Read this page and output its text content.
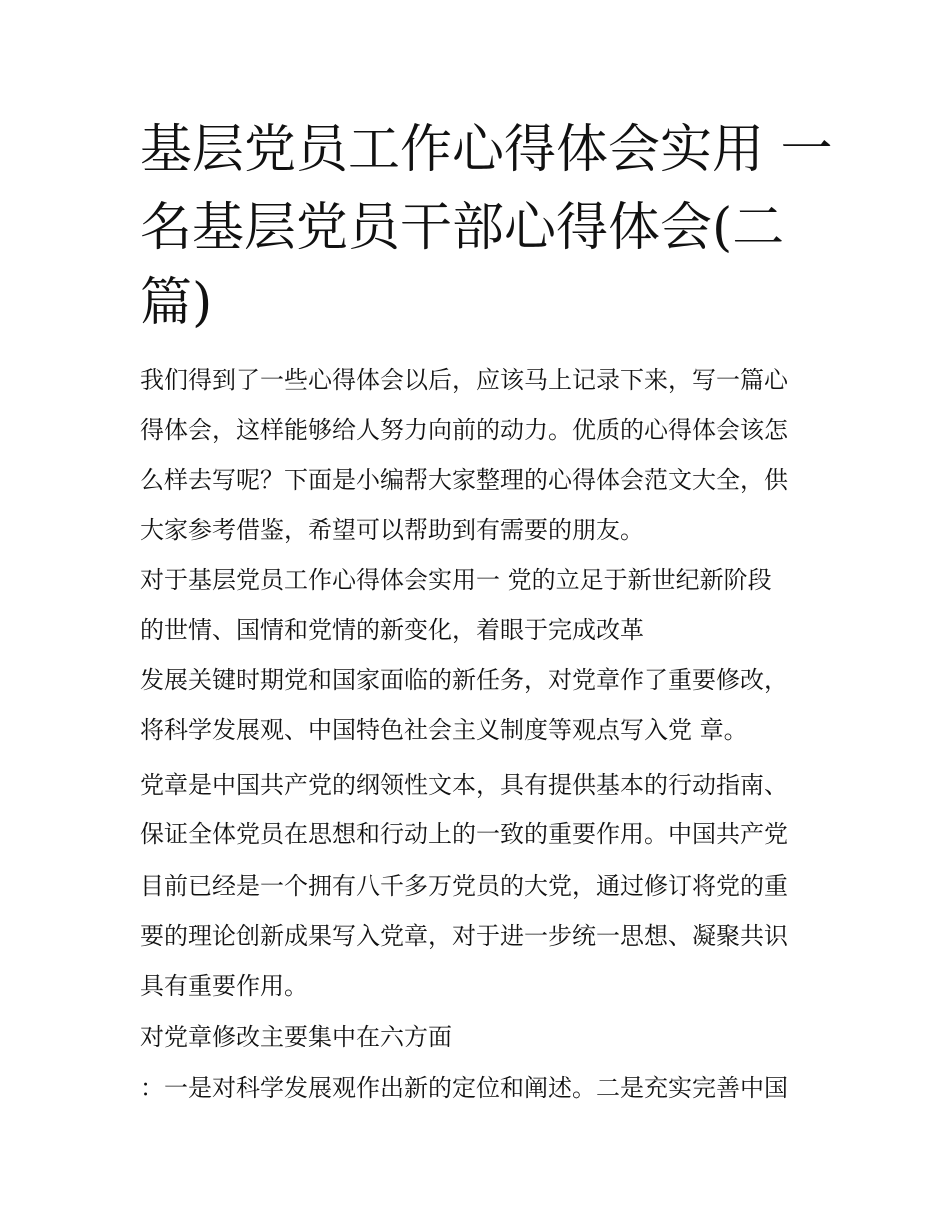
基层党员工作心得体会实用 一
名基层党员干部心得体会(二
篇)
我们得到了一些心得体会以后，应该马上记录下来，写一篇心
得体会，这样能够给人努力向前的动力。优质的心得体会该怎
么样去写呢？下面是小编帮大家整理的心得体会范文大全，供
大家参考借鉴，希望可以帮助到有需要的朋友。
对于基层党员工作心得体会实用一 党的立足于新世纪新阶段
的世情、国情和党情的新变化，着眼于完成改革
发展关键时期党和国家面临的新任务，对党章作了重要修改，
将科学发展观、中国特色社会主义制度等观点写入党 章。
党章是中国共产党的纲领性文本，具有提供基本的行动指南、
保证全体党员在思想和行动上的一致的重要作用。中国共产党
目前已经是一个拥有八千多万党员的大党，通过修订将党的重
要的理论创新成果写入党章，对于进一步统一思想、凝聚共识
具有重要作用。
对党章修改主要集中在六方面
：一是对科学发展观作出新的定位和阐述。二是充实完善中国
